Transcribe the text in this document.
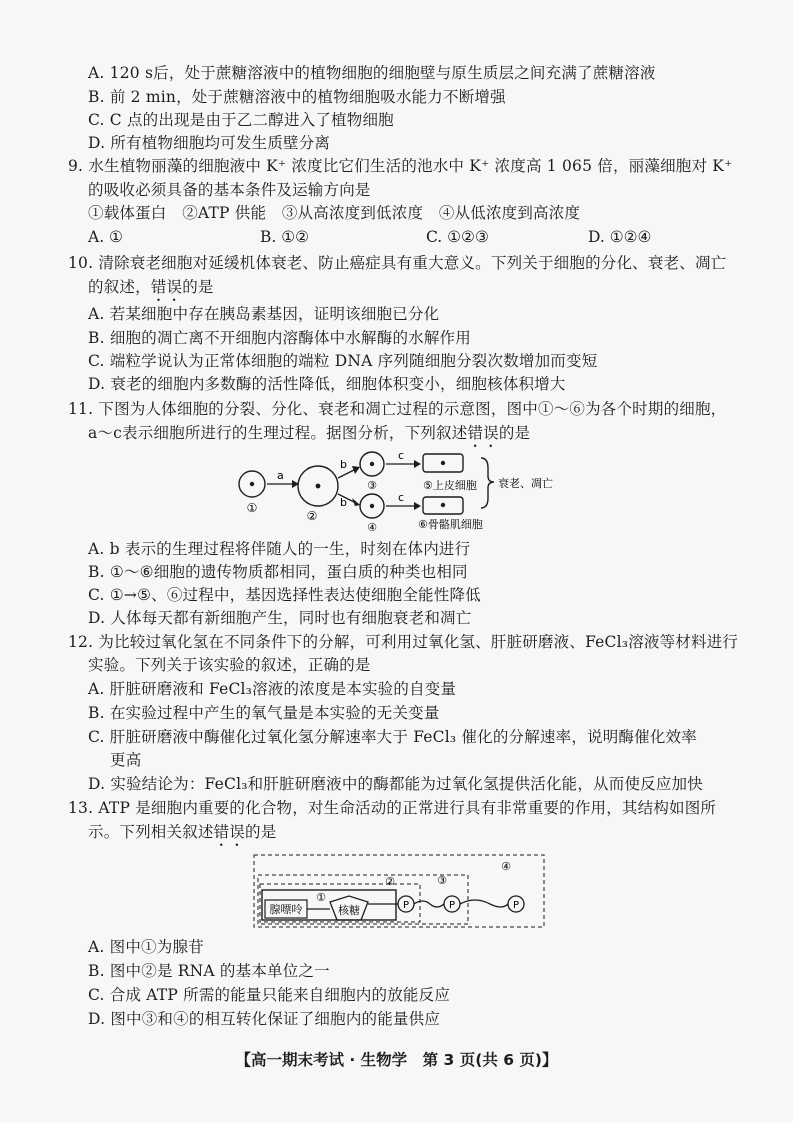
A. 120 s后，处于蔗糖溶液中的植物细胞的细胞壁与原生质层之间充满了蔗糖溶液
B. 前 2 min，处于蔗糖溶液中的植物细胞吸水能力不断增强
C. C 点的出现是由于乙二醇进入了植物细胞
D. 所有植物细胞均可发生质壁分离
9. 水生植物丽藻的细胞液中 K⁺ 浓度比它们生活的池水中 K⁺ 浓度高 1 065 倍，丽藻细胞对 K⁺
的吸收必须具备的基本条件及运输方向是
①载体蛋白　②ATP 供能　③从高浓度到低浓度　④从低浓度到高浓度
A. ①	B. ①②	C. ①②③	D. ①②④
10. 清除衰老细胞对延缓机体衰老、防止癌症具有重大意义。下列关于细胞的分化、衰老、凋亡
的叙述，错误的是
A. 若某细胞中存在胰岛素基因，证明该细胞已分化
B. 细胞的凋亡离不开细胞内溶酶体中水解酶的水解作用
C. 端粒学说认为正常体细胞的端粒 DNA 序列随细胞分裂次数增加而变短
D. 衰老的细胞内多数酶的活性降低，细胞体积变小，细胞核体积增大
11. 下图为人体细胞的分裂、分化、衰老和凋亡过程的示意图，图中①～⑥为各个时期的细胞，
a～c表示细胞所进行的生理过程。据图分析，下列叙述错误的是
①
a
②
b
b
③
④
c
c
⑤上皮细胞
⑥骨骼肌细胞
衰老、凋亡
A. b 表示的生理过程将伴随人的一生，时刻在体内进行
B. ①～⑥细胞的遗传物质都相同，蛋白质的种类也相同
C. ①→⑤、⑥过程中，基因选择性表达使细胞全能性降低
D. 人体每天都有新细胞产生，同时也有细胞衰老和凋亡
12. 为比较过氧化氢在不同条件下的分解，可利用过氧化氢、肝脏研磨液、FeCl₃溶液等材料进行
实验。下列关于该实验的叙述，正确的是
A. 肝脏研磨液和 FeCl₃溶液的浓度是本实验的自变量
B. 在实验过程中产生的氧气量是本实验的无关变量
C. 肝脏研磨液中酶催化过氧化氢分解速率大于 FeCl₃ 催化的分解速率，说明酶催化效率
更高
D. 实验结论为：FeCl₃和肝脏研磨液中的酶都能为过氧化氢提供活化能，从而使反应加快
13. ATP 是细胞内重要的化合物，对生命活动的正常进行具有非常重要的作用，其结构如图所
示。下列相关叙述错误的是
腺嘌呤
①
核糖
②
P	P
③
P
④
A. 图中①为腺苷
B. 图中②是 RNA 的基本单位之一
C. 合成 ATP 所需的能量只能来自细胞内的放能反应
D. 图中③和④的相互转化保证了细胞内的能量供应
【高一期末考试 · 生物学　第 3 页(共 6 页)】
